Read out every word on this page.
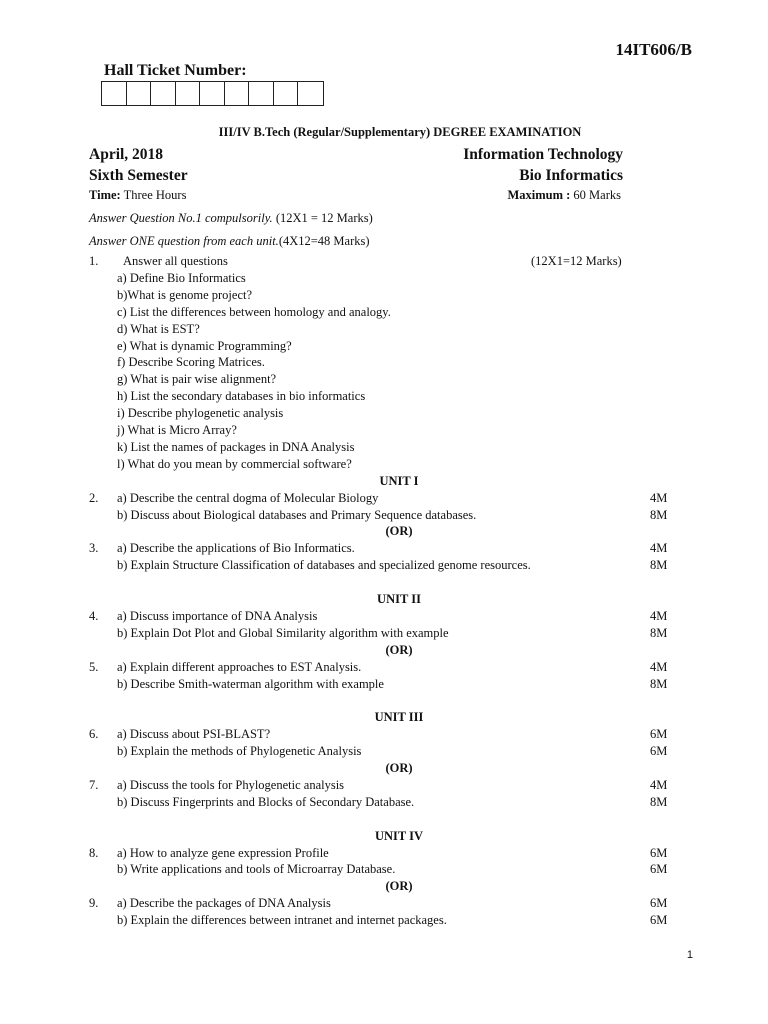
14IT606/B
Hall Ticket Number:
III/IV B.Tech (Regular/Supplementary) DEGREE EXAMINATION
April, 2018	Information Technology
Sixth Semester	Bio Informatics
Time: Three Hours	Maximum : 60 Marks
Answer Question No.1 compulsorily. (12X1 = 12 Marks)
Answer ONE question from each unit.(4X12=48 Marks)
1. Answer all questions	(12X1=12 Marks)
a) Define Bio Informatics
b)What is genome project?
c) List the differences between homology and analogy.
d) What is EST?
e) What is dynamic Programming?
f) Describe Scoring Matrices.
g) What is pair wise alignment?
h) List the secondary databases in bio informatics
i) Describe phylogenetic analysis
j) What is Micro Array?
k) List the names of packages in DNA Analysis
l) What do you mean by commercial software?
UNIT I
2. a) Describe the central dogma of Molecular Biology	4M
b) Discuss about Biological databases and Primary Sequence databases.	8M
(OR)
3. a) Describe the applications of Bio Informatics.	4M
b) Explain Structure Classification of databases and specialized genome resources.	8M
UNIT II
4. a) Discuss importance of DNA Analysis	4M
b) Explain Dot Plot and Global Similarity algorithm with example	8M
(OR)
5. a) Explain different approaches to EST Analysis.	4M
b) Describe Smith-waterman algorithm with example	8M
UNIT III
6. a) Discuss about PSI-BLAST?	6M
b) Explain the methods of Phylogenetic Analysis	6M
(OR)
7. a) Discuss the tools for Phylogenetic analysis	4M
b) Discuss Fingerprints and Blocks of Secondary Database.	8M
UNIT IV
8. a) How to analyze gene expression Profile	6M
b) Write applications and tools of Microarray Database.	6M
(OR)
9. a) Describe the packages of DNA Analysis	6M
b) Explain the differences between intranet and internet packages.	6M
1
